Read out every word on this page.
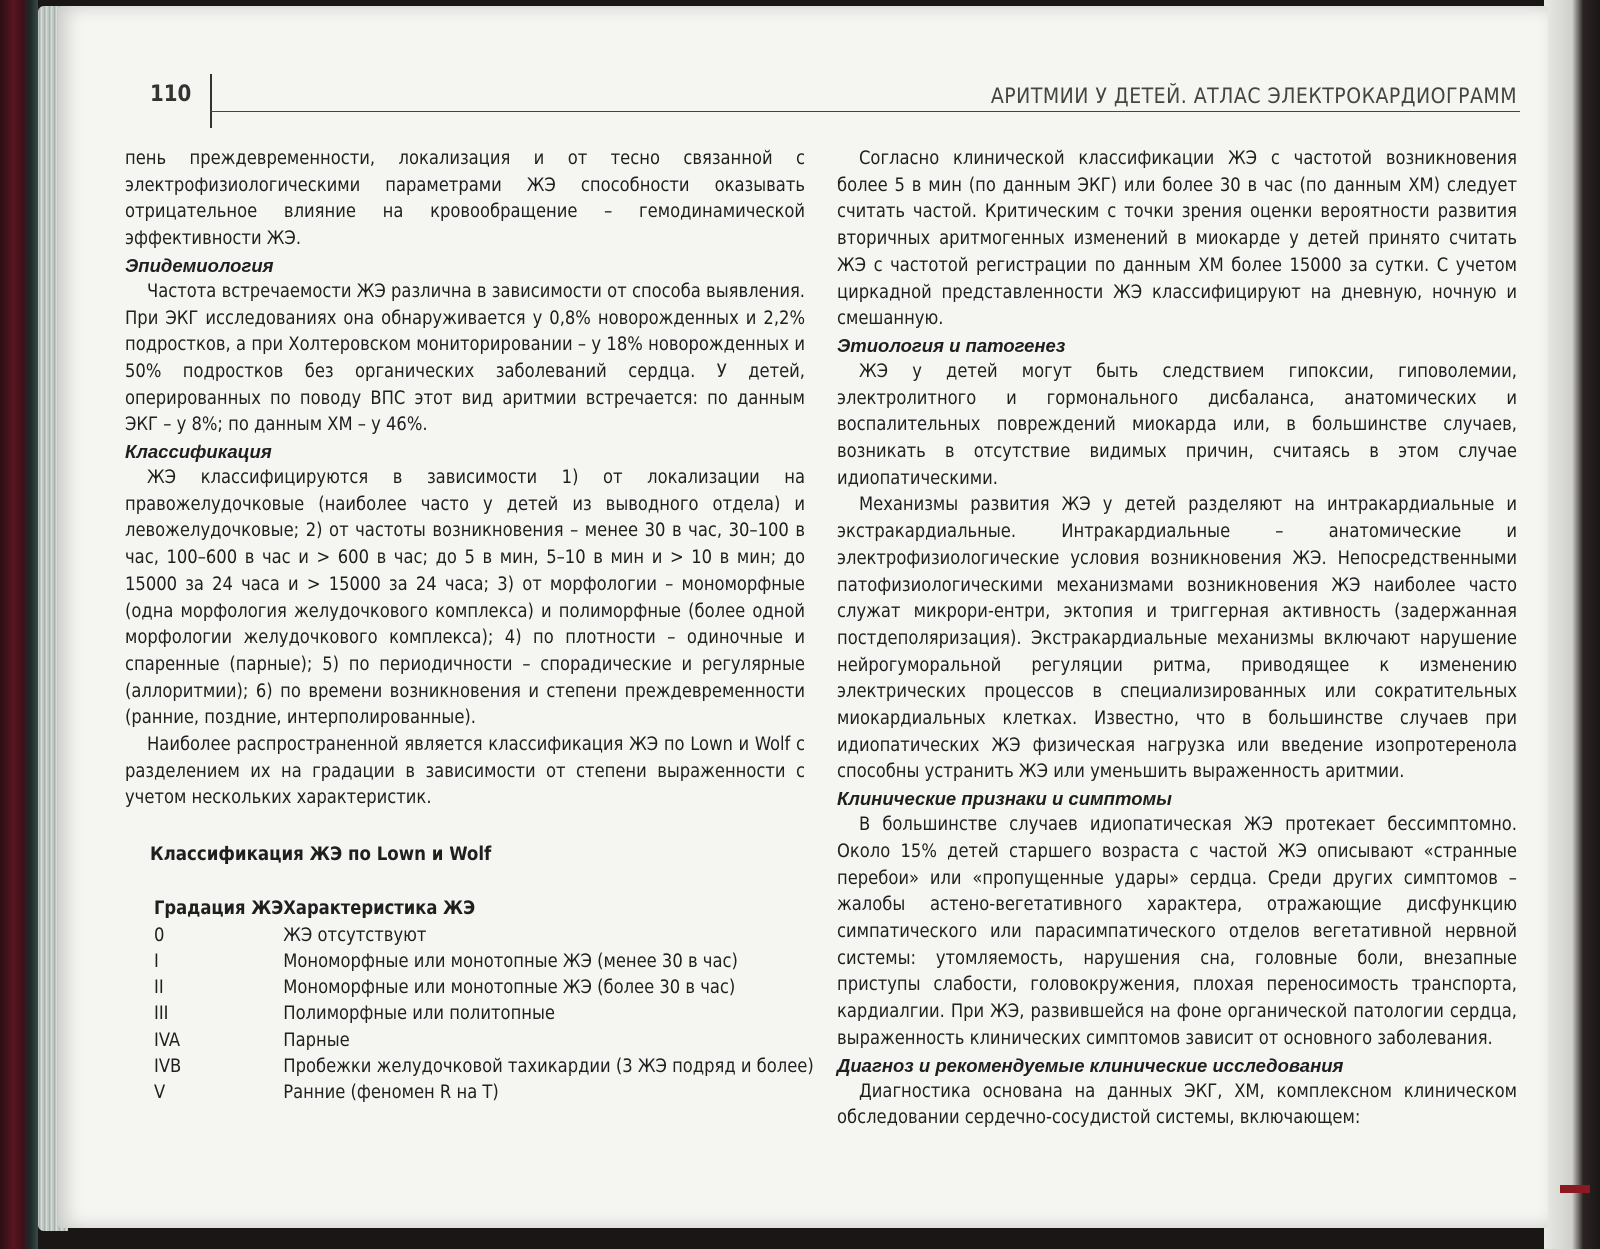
110	АРИТМИИ У ДЕТЕЙ. АТЛАС ЭЛЕКТРОКАРДИОГРАММ

пень преждевременности, локализация и от тесно связанной с электрофизиологическими параметрами ЖЭ способности оказывать отрицательное влияние на кровообращение – гемодинамической эффективности ЖЭ.

Эпидемиология

Частота встречаемости ЖЭ различна в зависимости от способа выявления. При ЭКГ исследованиях она обнаруживается у 0,8% новорожденных и 2,2% подростков, а при Холтеровском мониторировании – у 18% новорожденных и 50% подростков без органических заболеваний сердца. У детей, оперированных по поводу ВПС этот вид аритмии встречается: по данным ЭКГ – у 8%; по данным ХМ – у 46%.

Классификация

ЖЭ классифицируются в зависимости 1) от локализации на правожелудочковые (наиболее часто у детей из выводного отдела) и левожелудочковые; 2) от частоты возникновения – менее 30 в час, 30–100 в час, 100–600 в час и > 600 в час; до 5 в мин, 5–10 в мин и > 10 в мин; до 15000 за 24 часа и > 15000 за 24 часа; 3) от морфологии – мономорфные (одна морфология желудочкового комплекса) и полиморфные (более одной морфологии желудочкового комплекса); 4) по плотности – одиночные и спаренные (парные); 5) по периодичности – спорадические и регулярные (аллоритмии); 6) по времени возникновения и степени преждевременности (ранние, поздние, интерполированные).

Наиболее распространенной является классификация ЖЭ по Lown и Wolf с разделением их на градации в зависимости от степени выраженности с учетом нескольких характеристик.

Классификация ЖЭ по Lown и Wolf

Градация ЖЭ	Характеристика ЖЭ
0	ЖЭ отсутствуют
I	Мономорфные или монотопные ЖЭ (менее 30 в час)
II	Мономорфные или монотопные ЖЭ (более 30 в час)
III	Полиморфные или политопные
IVA	Парные
IVB	Пробежки желудочковой тахикардии (3 ЖЭ подряд и более)
V	Ранние (феномен R на Т)

Согласно клинической классификации ЖЭ с частотой возникновения более 5 в мин (по данным ЭКГ) или более 30 в час (по данным ХМ) следует считать частой. Критическим с точки зрения оценки вероятности развития вторичных аритмогенных изменений в миокарде у детей принято считать ЖЭ с частотой регистрации по данным ХМ более 15000 за сутки. С учетом циркадной представленности ЖЭ классифицируют на дневную, ночную и смешанную.

Этиология и патогенез

ЖЭ у детей могут быть следствием гипоксии, гиповолемии, электролитного и гормонального дисбаланса, анатомических и воспалительных повреждений миокарда или, в большинстве случаев, возникать в отсутствие видимых причин, считаясь в этом случае идиопатическими.

Механизмы развития ЖЭ у детей разделяют на интракардиальные и экстракардиальные. Интракардиальные – анатомические и электрофизиологические условия возникновения ЖЭ. Непосредственными патофизиологическими механизмами возникновения ЖЭ наиболее часто служат микрори-ентри, эктопия и триггерная активность (задержанная постдеполяризация). Экстракардиальные механизмы включают нарушение нейрогуморальной регуляции ритма, приводящее к изменению электрических процессов в специализированных или сократительных миокардиальных клетках. Известно, что в большинстве случаев при идиопатических ЖЭ физическая нагрузка или введение изопротеренола способны устранить ЖЭ или уменьшить выраженность аритмии.

Клинические признаки и симптомы

В большинстве случаев идиопатическая ЖЭ протекает бессимптомно. Около 15% детей старшего возраста с частой ЖЭ описывают «странные перебои» или «пропущенные удары» сердца. Среди других симптомов – жалобы астено-вегетативного характера, отражающие дисфункцию симпатического или парасимпатического отделов вегетативной нервной системы: утомляемость, нарушения сна, головные боли, внезапные приступы слабости, головокружения, плохая переносимость транспорта, кардиалгии. При ЖЭ, развившейся на фоне органической патологии сердца, выраженность клинических симптомов зависит от основного заболевания.

Диагноз и рекомендуемые клинические исследования

Диагностика основана на данных ЭКГ, ХМ, комплексном клиническом обследовании сердечно-сосудистой системы, включающем:
